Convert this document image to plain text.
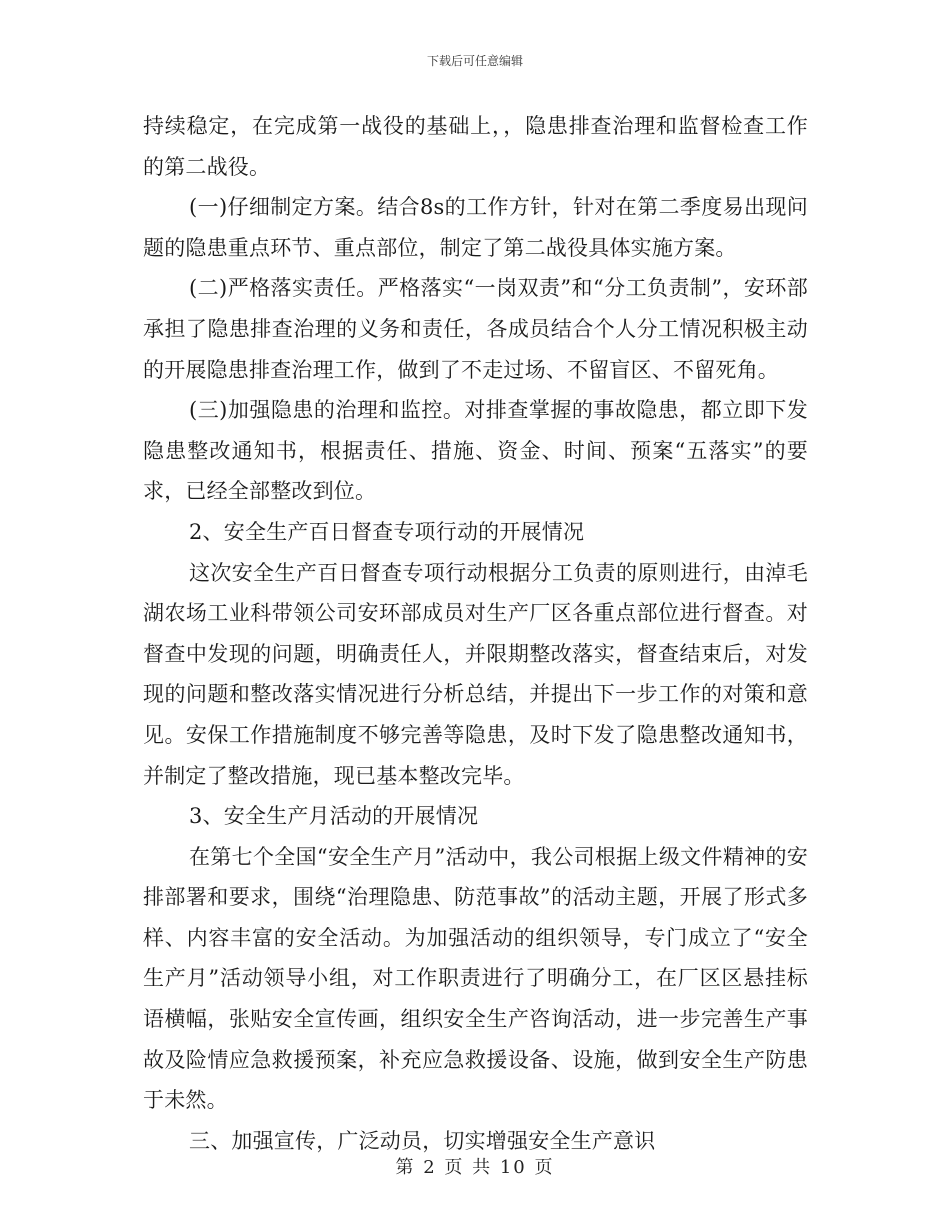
下载后可任意编辑

持续稳定，在完成第一战役的基础上，，隐患排查治理和监督检查工作的第二战役。

(一)仔细制定方案。结合8s的工作方针，针对在第二季度易出现问题的隐患重点环节、重点部位，制定了第二战役具体实施方案。

(二)严格落实责任。严格落实“一岗双责”和“分工负责制”，安环部承担了隐患排查治理的义务和责任，各成员结合个人分工情况积极主动的开展隐患排查治理工作，做到了不走过场、不留盲区、不留死角。

(三)加强隐患的治理和监控。对排查掌握的事故隐患，都立即下发隐患整改通知书，根据责任、措施、资金、时间、预案“五落实”的要求，已经全部整改到位。

2、安全生产百日督查专项行动的开展情况

这次安全生产百日督查专项行动根据分工负责的原则进行，由淖毛湖农场工业科带领公司安环部成员对生产厂区各重点部位进行督查。对督查中发现的问题，明确责任人，并限期整改落实，督查结束后，对发现的问题和整改落实情况进行分析总结，并提出下一步工作的对策和意见。安保工作措施制度不够完善等隐患，及时下发了隐患整改通知书，并制定了整改措施，现已基本整改完毕。

3、安全生产月活动的开展情况

在第七个全国“安全生产月”活动中，我公司根据上级文件精神的安排部署和要求，围绕“治理隐患、防范事故”的活动主题，开展了形式多样、内容丰富的安全活动。为加强活动的组织领导，专门成立了“安全生产月”活动领导小组，对工作职责进行了明确分工，在厂区区悬挂标语横幅，张贴安全宣传画，组织安全生产咨询活动，进一步完善生产事故及险情应急救援预案，补充应急救援设备、设施，做到安全生产防患于未然。

三、加强宣传，广泛动员，切实增强安全生产意识

第 2 页 共 10 页
